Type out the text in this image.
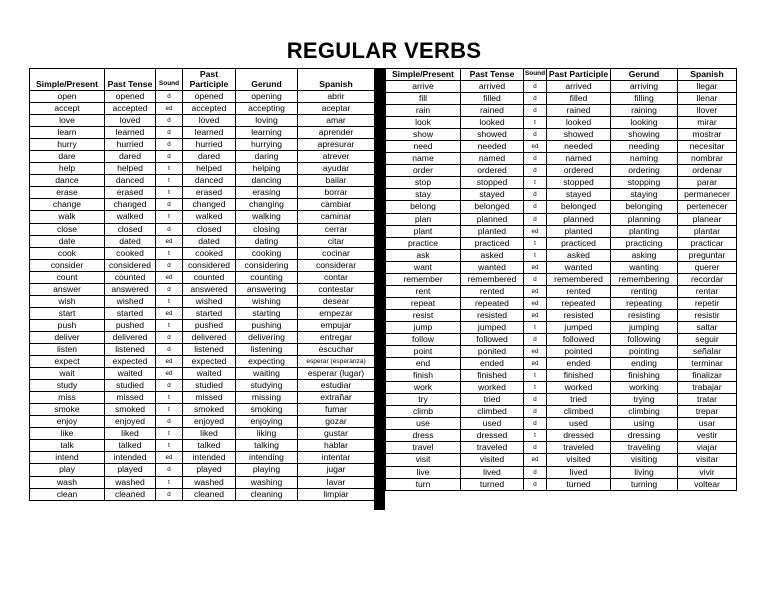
REGULAR VERBS
Simple/Present	Past Tense	Sound	Past Participle	Gerund	Spanish
open	opened	d	opened	opening	abrir
accept	accepted	ed	accepted	accepting	aceptar
love	loved	d	loved	loving	amar
learn	learned	d	learned	learning	aprender
hurry	hurried	d	hurried	hurrying	apresurar
dare	dared	d	dared	daring	atrever
help	helped	t	helped	helping	ayudar
dance	danced	t	danced	dancing	bailar
erase	erased	t	erased	erasing	borrar
change	changed	d	changed	changing	cambiar
walk	walked	t	walked	walking	caminar
close	closed	d	closed	closing	cerrar
date	dated	ed	dated	dating	citar
cook	cooked	t	cooked	cooking	cocinar
consider	considered	d	considered	considering	considerar
count	counted	ed	counted	counting	contar
answer	answered	d	answered	answering	contestar
wish	wished	t	wished	wishing	desear
start	started	ed	started	starting	empezar
push	pushed	t	pushed	pushing	empujar
deliver	delivered	d	delivered	delivering	entregar
listen	listened	d	listened	listening	escuchar
expect	expected	ed	expected	expecting	esperar (esperanza)
wait	waited	ed	waited	waiting	esperar (lugar)
study	studied	d	studied	studying	estudiar
miss	missed	t	missed	missing	extrañar
smoke	smoked	t	smoked	smoking	fumar
enjoy	enjoyed	d	enjoyed	enjoying	gozar
like	liked	t	liked	liking	gustar
talk	talked	t	talked	talking	hablar
intend	intended	ed	intended	intending	intentar
play	played	d	played	playing	jugar
wash	washed	t	washed	washing	lavar
clean	cleaned	d	cleaned	cleaning	limpiar
Simple/Present	Past Tense	Sound	Past Participle	Gerund	Spanish
arrive	arrived	d	arrived	arriving	llegar
fill	filled	d	filled	filling	llenar
rain	rained	d	rained	raining	llover
look	looked	t	looked	looking	mirar
show	showed	d	showed	showing	mostrar
need	needed	ed	needed	needing	necesitar
name	named	d	named	naming	nombrar
order	ordered	d	ordered	ordering	ordenar
stop	stopped	t	stopped	stopping	parar
stay	stayed	d	stayed	staying	permanecer
belong	belonged	d	belonged	belonging	pertenecer
plan	planned	d	planned	planning	planear
plant	planted	ed	planted	planting	plantar
practice	practiced	t	practiced	practicing	practicar
ask	asked	t	asked	asking	preguntar
want	wanted	ed	wanted	wanting	querer
remember	remembered	d	remembered	remembering	recordar
rent	rented	ed	rented	renting	rentar
repeat	repeated	ed	repeated	repeating	repetir
resist	resisted	ed	resisted	resisting	resistir
jump	jumped	t	jumped	jumping	saltar
follow	followed	d	followed	following	seguir
point	ponited	ed	pointed	pointing	señalar
end	ended	ed	ended	ending	terminar
finish	finished	t	finished	finishing	finalizar
work	worked	t	worked	working	trabajar
try	tried	d	tried	trying	tratar
climb	climbed	d	climbed	climbing	trepar
use	used	d	used	using	usar
dress	dressed	t	dressed	dressing	vestir
travel	traveled	d	traveled	traveling	viajar
visit	visited	ed	visited	visiting	visitar
live	lived	d	lived	living	vivir
turn	turned	d	turned	turning	voltear
